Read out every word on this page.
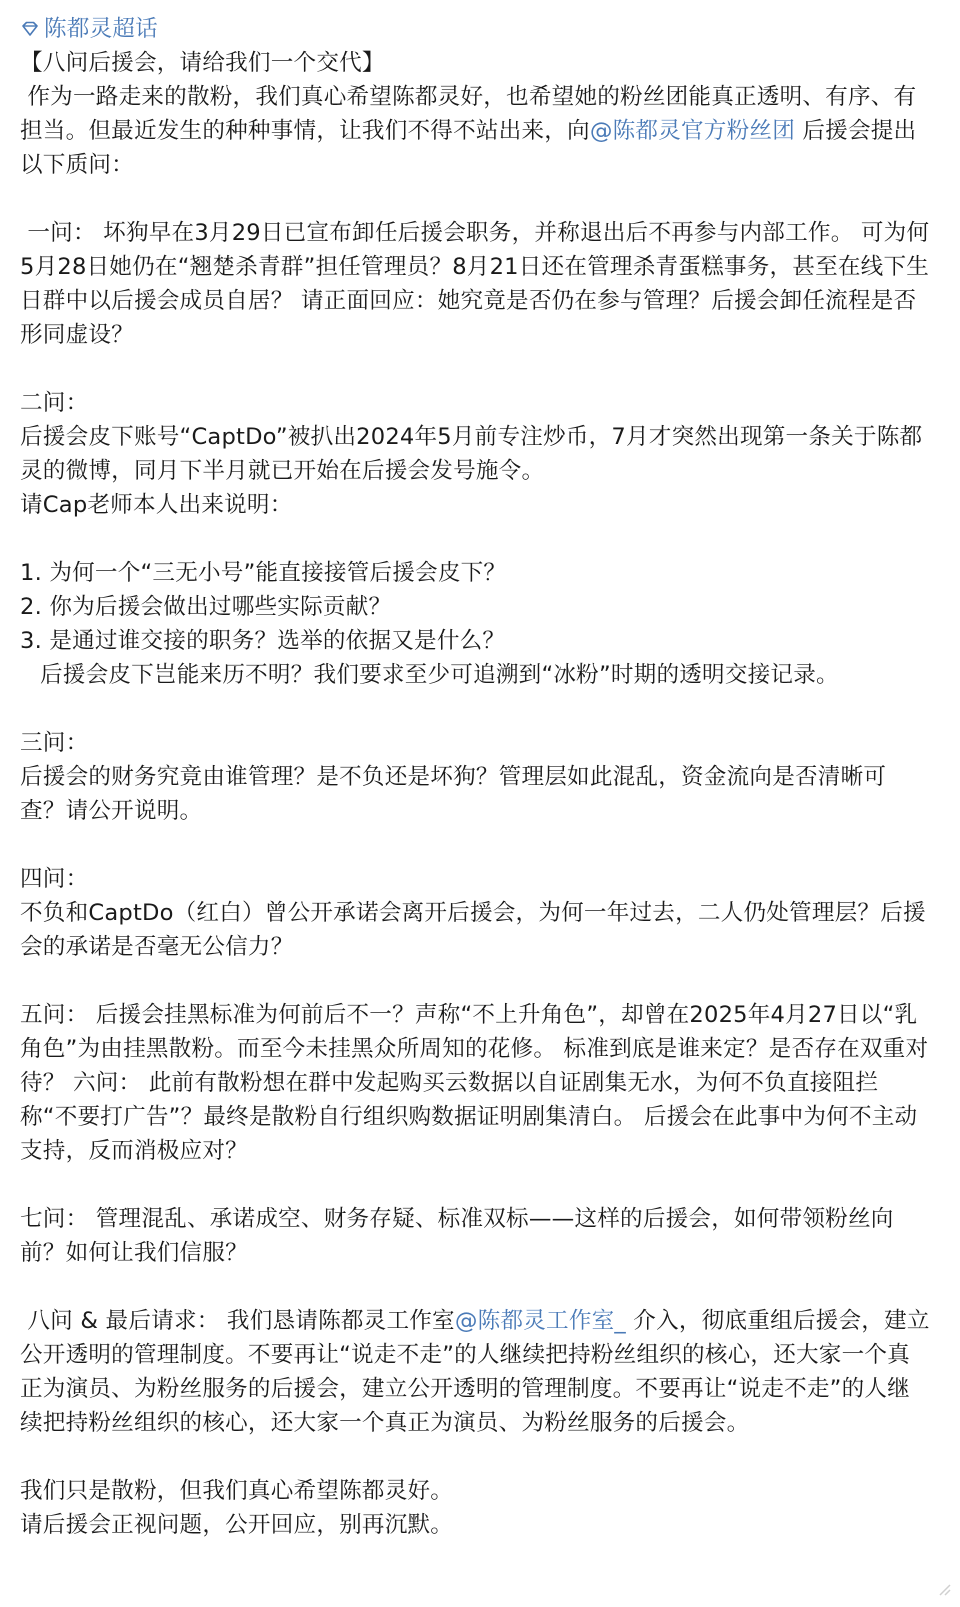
陈都灵超话

【八问后援会，请给我们一个交代】

作为一路走来的散粉，我们真心希望陈都灵好，也希望她的粉丝团能真正透明、有序、有担当。但最近发生的种种事情，让我们不得不站出来，向@陈都灵官方粉丝团 后援会提出以下质问：

一问： 坏狗早在3月29日已宣布卸任后援会职务，并称退出后不再参与内部工作。 可为何5月28日她仍在“翘楚杀青群”担任管理员？8月21日还在管理杀青蛋糕事务，甚至在线下生日群中以后援会成员自居？ 请正面回应：她究竟是否仍在参与管理？后援会卸任流程是否形同虚设？

二问：

后援会皮下账号“CaptDo”被扒出2024年5月前专注炒币，7月才突然出现第一条关于陈都灵的微博，同月下半月就已开始在后援会发号施令。

请Cap老师本人出来说明：

1. 为何一个“三无小号”能直接接管后援会皮下？

2. 你为后援会做出过哪些实际贡献？

3. 是通过谁交接的职务？选举的依据又是什么？

后援会皮下岂能来历不明？我们要求至少可追溯到“冰粉”时期的透明交接记录。

三问：

后援会的财务究竟由谁管理？是不负还是坏狗？管理层如此混乱，资金流向是否清晰可查？请公开说明。

四问：

不负和CaptDo（红白）曾公开承诺会离开后援会，为何一年过去，二人仍处管理层？后援会的承诺是否毫无公信力？

五问： 后援会挂黑标准为何前后不一？声称“不上升角色”，却曾在2025年4月27日以“乳角色”为由挂黑散粉。而至今未挂黑众所周知的花修。 标准到底是谁来定？是否存在双重对待？ 六问： 此前有散粉想在群中发起购买云数据以自证剧集无水，为何不负直接阻拦称“不要打广告”？最终是散粉自行组织购数据证明剧集清白。 后援会在此事中为何不主动支持，反而消极应对？

七问： 管理混乱、承诺成空、财务存疑、标准双标——这样的后援会，如何带领粉丝向前？如何让我们信服？

八问 & 最后请求： 我们恳请陈都灵工作室@陈都灵工作室_ 介入，彻底重组后援会，建立公开透明的管理制度。不要再让“说走不走”的人继续把持粉丝组织的核心，还大家一个真正为演员、为粉丝服务的后援会，建立公开透明的管理制度。不要再让“说走不走”的人继续把持粉丝组织的核心，还大家一个真正为演员、为粉丝服务的后援会。

我们只是散粉，但我们真心希望陈都灵好。

请后援会正视问题，公开回应，别再沉默。
